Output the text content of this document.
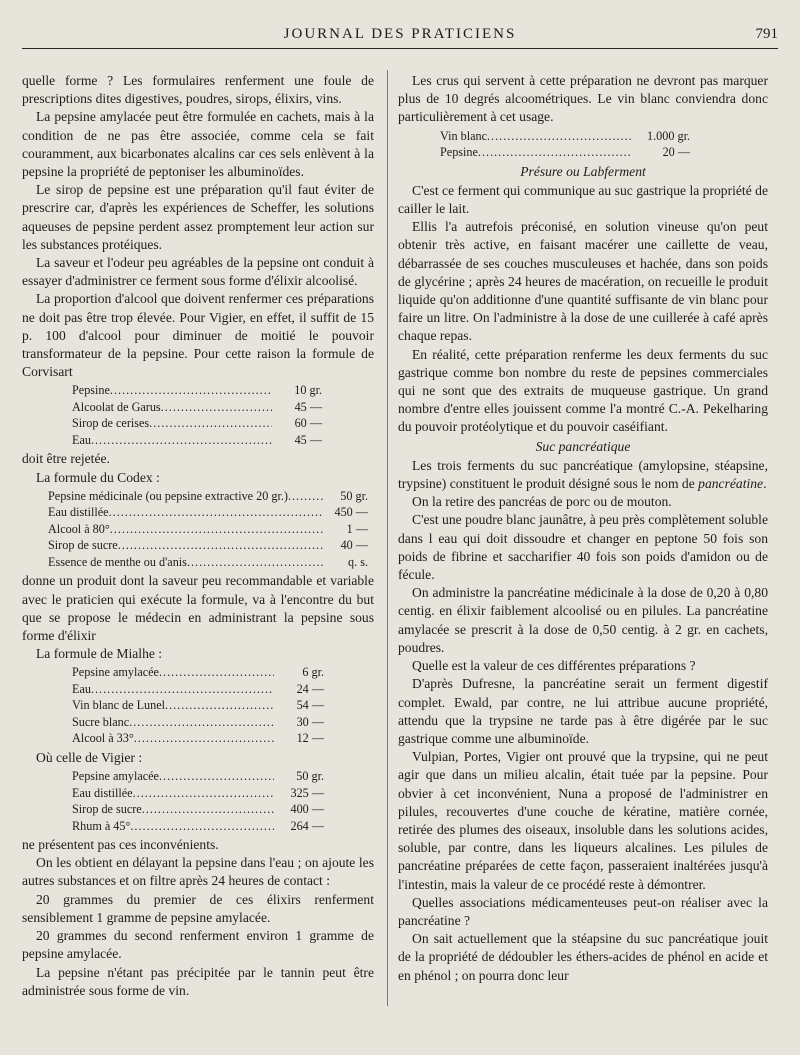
JOURNAL DES PRATICIENS	791

quelle forme ? Les formulaires renferment une foule de prescriptions dites digestives, poudres, sirops, élixirs, vins.

La pepsine amylacée peut être formulée en cachets, mais à la condition de ne pas être associée, comme cela se fait couramment, aux bicarbonates alcalins car ces sels enlèvent à la pepsine la propriété de peptoniser les albuminoïdes.

Le sirop de pepsine est une préparation qu'il faut éviter de prescrire car, d'après les expériences de Scheffer, les solutions aqueuses de pepsine perdent assez promptement leur action sur les substances protéiques.

La saveur et l'odeur peu agréables de la pepsine ont conduit à essayer d'administrer ce ferment sous forme d'élixir alcoolisé.

La proportion d'alcool que doivent renfermer ces préparations ne doit pas être trop élevée. Pour Vigier, en effet, il suffit de 15 p. 100 d'alcool pour diminuer de moitié le pouvoir transformateur de la pepsine. Pour cette raison la formule de Corvisart

Pepsine .....	10 gr.
Alcoolat de Garus .....	45 —
Sirop de cerises .....	60 —
Eau .....	45 —

doit être rejetée.

La formule du Codex :

Pepsine médicinale (ou pepsine extractive 20 gr.) .....	50 gr.
Eau distillée .....	450 —
Alcool à 80° .....	1 —
Sirop de sucre .....	40 —
Essence de menthe ou d'anis .....	q. s.

donne un produit dont la saveur peu recommandable et variable avec le praticien qui exécute la formule, va à l'encontre du but que se propose le médecin en administrant la pepsine sous forme d'élixir

La formule de Mialhe :

Pepsine amylacée .....	6 gr.
Eau .....	24 —
Vin blanc de Lunel .....	54 —
Sucre blanc .....	30 —
Alcool à 33° .....	12 —

Où celle de Vigier :

Pepsine amylacée .....	50 gr.
Eau distillée .....	325 —
Sirop de sucre .....	400 —
Rhum à 45° .....	264 —

ne présentent pas ces inconvénients.

On les obtient en délayant la pepsine dans l'eau ; on ajoute les autres substances et on filtre après 24 heures de contact :

20 grammes du premier de ces élixirs renferment sensiblement 1 gramme de pepsine amylacée.

20 grammes du second renferment environ 1 gramme de pepsine amylacée.

La pepsine n'étant pas précipitée par le tannin peut être administrée sous forme de vin.

Les crus qui servent à cette préparation ne devront pas marquer plus de 10 degrés alcoométriques. Le vin blanc conviendra donc particulièrement à cet usage.

Vin blanc .....	1.000 gr.
Pepsine .....	20 —
Présure ou Labferment

C'est ce ferment qui communique au suc gastrique la propriété de cailler le lait.

Ellis l'a autrefois préconisé, en solution vineuse qu'on peut obtenir très active, en faisant macérer une caillette de veau, débarrassée de ses couches musculeuses et hachée, dans son poids de glycérine ; après 24 heures de macération, on recueille le produit liquide qu'on additionne d'une quantité suffisante de vin blanc pour faire un litre. On l'administre à la dose de une cuillerée à café après chaque repas.

En réalité, cette préparation renferme les deux ferments du suc gastrique comme bon nombre du reste de pepsines commerciales qui ne sont que des extraits de muqueuse gastrique. Un grand nombre d'entre elles jouissent comme l'a montré C.-A. Pekelharing du pouvoir protéolytique et du pouvoir caséifiant.

Suc pancréatique

Les trois ferments du suc pancréatique (amylopsine, stéapsine, trypsine) constituent le produit désigné sous le nom de pancréatine.

On la retire des pancréas de porc ou de mouton.

C'est une poudre blanc jaunâtre, à peu près complètement soluble dans l eau qui doit dissoudre et changer en peptone 50 fois son poids de fibrine et saccharifier 40 fois son poids d'amidon ou de fécule.

On administre la pancréatine médicinale à la dose de 0,20 à 0,80 centig. en élixir faiblement alcoolisé ou en pilules. La pancréatine amylacée se prescrit à la dose de 0,50 centig. à 2 gr. en cachets, poudres.

Quelle est la valeur de ces différentes préparations ?

D'après Dufresne, la pancréatine serait un ferment digestif complet. Ewald, par contre, ne lui attribue aucune propriété, attendu que la trypsine ne tarde pas à être digérée par le suc gastrique comme une albuminoïde.

Vulpian, Portes, Vigier ont prouvé que la trypsine, qui ne peut agir que dans un milieu alcalin, était tuée par la pepsine. Pour obvier à cet inconvénient, Nuna a proposé de l'administrer en pilules, recouvertes d'une couche de kératine, matière cornée, retirée des plumes des oiseaux, insoluble dans les solutions acides, soluble, par contre, dans les liqueurs alcalines. Les pilules de pancréatine préparées de cette façon, passeraient inaltérées jusqu'à l'intestin, mais la valeur de ce procédé reste à démontrer.

Quelles associations médicamenteuses peut-on réaliser avec la pancréatine ?

On sait actuellement que la stéapsine du suc pancréatique jouit de la propriété de dédoubler les éthers-acides de phénol en acide et en phénol ; on pourra donc leur
